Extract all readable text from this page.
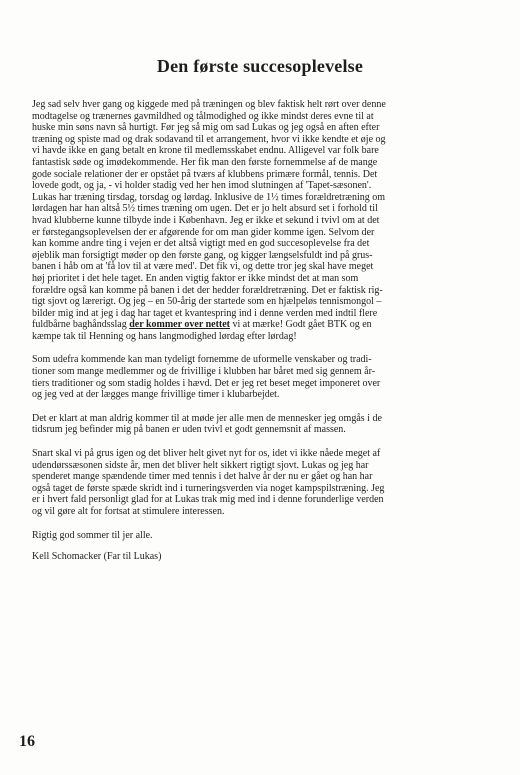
Den første succesoplevelse
Jeg sad selv hver gang og kiggede med på træningen og blev faktisk helt rørt over denne
modtagelse og trænernes gavmildhed og tålmodighed og ikke mindst deres evne til at
huske min søns navn så hurtigt. Før jeg så mig om sad Lukas og jeg også en aften efter
træning og spiste mad og drak sodavand til et arrangement, hvor vi ikke kendte et øje og
vi havde ikke en gang betalt en krone til medlemsskabet endnu. Alligevel var folk bare
fantastisk søde og imødekommende. Her fik man den første fornemmelse af de mange
gode sociale relationer der er opstået på tværs af klubbens primære formål, tennis. Det
lovede godt, og ja, - vi holder stadig ved her hen imod slutningen af 'Tapet-sæsonen'.
Lukas har træning tirsdag, torsdag og lørdag. Inklusive de 1½ times forældretræning om
lørdagen har han altså 5½ times træning om ugen. Det er jo helt absurd set i forhold til
hvad klubberne kunne tilbyde inde i København. Jeg er ikke et sekund i tvivl om at det
er førstegangsoplevelsen der er afgørende for om man gider komme igen. Selvom der
kan komme andre ting i vejen er det altså vigtigt med en god succesoplevelse fra det
øjeblik man forsigtigt møder op den første gang, og kigger længselsfuldt ind på grus-
banen i håb om at 'få lov til at være med'. Det fik vi, og dette tror jeg skal have meget
høj prioritet i det hele taget. En anden vigtig faktor er ikke mindst det at man som
forældre også kan komme på banen i det der hedder forældretræning. Det er faktisk rig-
tigt sjovt og lærerigt. Og jeg – en 50-årig der startede som en hjælpeløs tennismongol –
bilder mig ind at jeg i dag har taget et kvantespring ind i denne verden med indtil flere
fuldbårne baghåndsslag der kommer over nettet vi at mærke! Godt gået BTK og en
kæmpe tak til Henning og hans langmodighed lørdag efter lørdag!
Som udefra kommende kan man tydeligt fornemme de uformelle venskaber og tradi-
tioner som mange medlemmer og de frivillige i klubben har båret med sig gennem år-
tiers traditioner og som stadig holdes i hævd. Det er jeg ret beset meget imponeret over
og jeg ved at der lægges mange frivillige timer i klubarbejdet.
Det er klart at man aldrig kommer til at møde jer alle men de mennesker jeg omgås i de
tidsrum jeg befinder mig på banen er uden tvivl et godt gennemsnit af massen.
Snart skal vi på grus igen og det bliver helt givet nyt for os, idet vi ikke nåede meget af
udendørssæsonen sidste år, men det bliver helt sikkert rigtigt sjovt. Lukas og jeg har
spenderet mange spændende timer med tennis i det halve år der nu er gået og han har
også taget de første spæde skridt ind i turneringsverden via noget kampspilstræning. Jeg
er i hvert fald personligt glad for at Lukas trak mig med ind i denne forunderlige verden
og vil gøre alt for fortsat at stimulere interessen.
Rigtig god sommer til jer alle.
Kell Schomacker (Far til Lukas)
16
